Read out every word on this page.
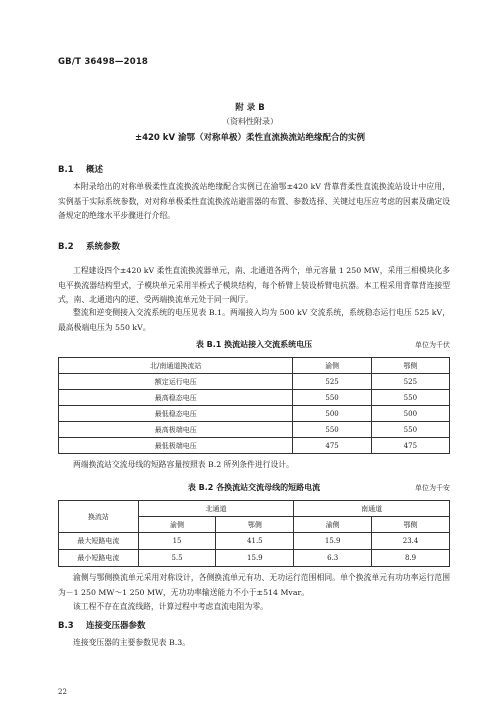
GB/T 36498—2018
附 录 B
（资料性附录）
±420 kV 渝鄂（对称单极）柔性直流换流站绝缘配合的实例
B.1 概述
本附录给出的对称单极柔性直流换流站绝缘配合实例已在渝鄂±420 kV 背靠背柔性直流换流站设计中应用，实例基于实际系统参数，对对称单极柔性直流换流站避雷器的布置、参数选择、关键过电压应考虑的因素及确定设备规定的绝缘水平步骤进行介绍。
B.2 系统参数
工程建设四个±420 kV 柔性直流换流器单元，南、北通道各两个，单元容量 1 250 MW，采用三相模块化多电平换流器结构型式，子模块单元采用半桥式子模块结构，每个桥臂上装设桥臂电抗器。本工程采用背靠背连接型式，南、北通道内的逆、受两端换流单元处于同一阀厅。
整流和逆变侧接入交流系统的电压见表 B.1。两端接入均为 500 kV 交流系统，系统稳态运行电压 525 kV，最高极端电压为 550 kV。
表 B.1 换流站接入交流系统电压	单位为千伏
北/南通道换流站	渝侧	鄂侧
额定运行电压	525	525
最高稳态电压	550	550
最低稳态电压	500	500
最高极端电压	550	550
最低极端电压	475	475
两端换流站交流母线的短路容量按照表 B.2 所列条件进行设计。
表 B.2 各换流站交流母线的短路电流	单位为千安
换流站	北通道		南通道	
	渝侧	鄂侧	渝侧	鄂侧
最大短路电流	15	41.5	15.9	23.4
最小短路电流	5.5	15.9	6.3	8.9
渝侧与鄂侧换流单元采用对称设计，各侧换流单元有功、无功运行范围相同。单个换流单元有功功率运行范围为－1 250 MW～1 250 MW，无功功率输送能力不小于±514 Mvar。
该工程不存在直流线路，计算过程中考虑直流电阻为零。
B.3 连接变压器参数
连接变压器的主要参数见表 B.3。
22
